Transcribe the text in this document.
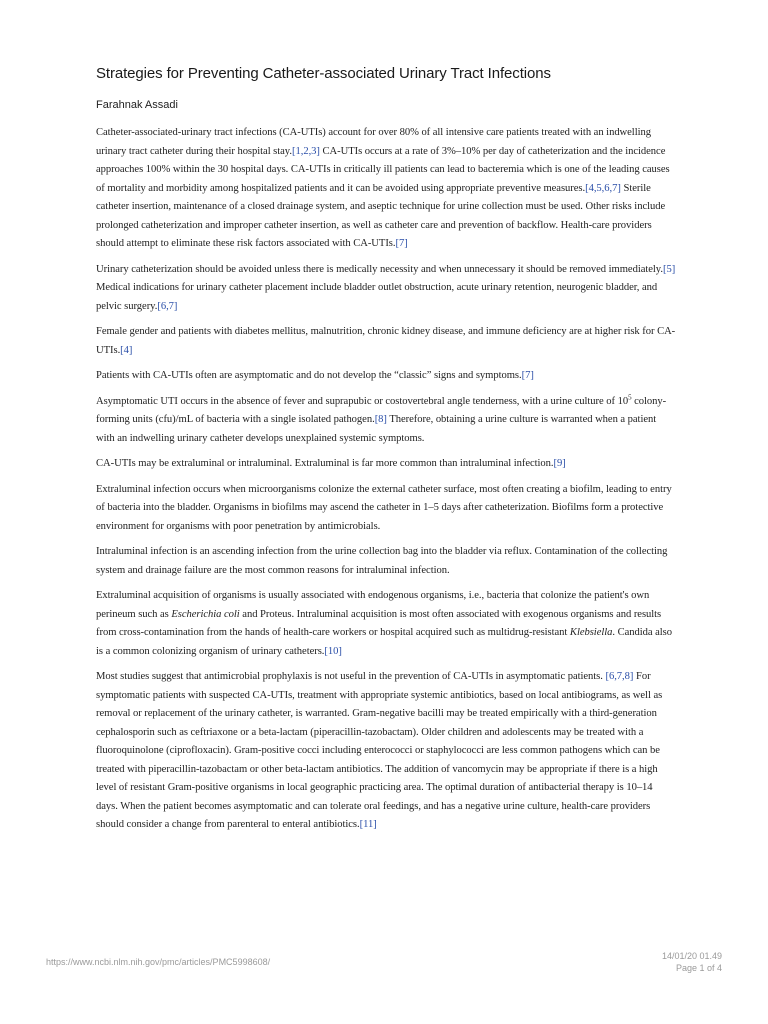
Strategies for Preventing Catheter-associated Urinary Tract Infections
Farahnak Assadi

Catheter-associated-urinary tract infections (CA-UTIs) account for over 80% of all intensive care patients treated with an indwelling urinary tract catheter during their hospital stay.[1,2,3] CA-UTIs occurs at a rate of 3%–10% per day of catheterization and the incidence approaches 100% within the 30 hospital days. CA-UTIs in critically ill patients can lead to bacteremia which is one of the leading causes of mortality and morbidity among hospitalized patients and it can be avoided using appropriate preventive measures.[4,5,6,7] Sterile catheter insertion, maintenance of a closed drainage system, and aseptic technique for urine collection must be used. Other risks include prolonged catheterization and improper catheter insertion, as well as catheter care and prevention of backflow. Health-care providers should attempt to eliminate these risk factors associated with CA-UTIs.[7]

Urinary catheterization should be avoided unless there is medically necessity and when unnecessary it should be removed immediately.[5] Medical indications for urinary catheter placement include bladder outlet obstruction, acute urinary retention, neurogenic bladder, and pelvic surgery.[6,7]

Female gender and patients with diabetes mellitus, malnutrition, chronic kidney disease, and immune deficiency are at higher risk for CA-UTIs.[4]

Patients with CA-UTIs often are asymptomatic and do not develop the “classic” signs and symptoms.[7]

Asymptomatic UTI occurs in the absence of fever and suprapubic or costovertebral angle tenderness, with a urine culture of $10^5$ colony-forming units (cfu)/mL of bacteria with a single isolated pathogen.[8] Therefore, obtaining a urine culture is warranted when a patient with an indwelling urinary catheter develops unexplained systemic symptoms.

CA-UTIs may be extraluminal or intraluminal. Extraluminal is far more common than intraluminal infection.[9]

Extraluminal infection occurs when microorganisms colonize the external catheter surface, most often creating a biofilm, leading to entry of bacteria into the bladder. Organisms in biofilms may ascend the catheter in 1–5 days after catheterization. Biofilms form a protective environment for organisms with poor penetration by antimicrobials.

Intraluminal infection is an ascending infection from the urine collection bag into the bladder via reflux. Contamination of the collecting system and drainage failure are the most common reasons for intraluminal infection.

Extraluminal acquisition of organisms is usually associated with endogenous organisms, i.e., bacteria that colonize the patient's own perineum such as Escherichia coli and Proteus. Intraluminal acquisition is most often associated with exogenous organisms and results from cross-contamination from the hands of health-care workers or hospital acquired such as multidrug-resistant Klebsiella. Candida also is a common colonizing organism of urinary catheters.[10]

Most studies suggest that antimicrobial prophylaxis is not useful in the prevention of CA-UTIs in asymptomatic patients. [6,7,8] For symptomatic patients with suspected CA-UTIs, treatment with appropriate systemic antibiotics, based on local antibiograms, as well as removal or replacement of the urinary catheter, is warranted. Gram-negative bacilli may be treated empirically with a third-generation cephalosporin such as ceftriaxone or a beta-lactam (piperacillin-tazobactam). Older children and adolescents may be treated with a fluoroquinolone (ciprofloxacin). Gram-positive cocci including enterococci or staphylococci are less common pathogens which can be treated with piperacillin-tazobactam or other beta-lactam antibiotics. The addition of vancomycin may be appropriate if there is a high level of resistant Gram-positive organisms in local geographic practicing area. The optimal duration of antibacterial therapy is 10–14 days. When the patient becomes asymptomatic and can tolerate oral feedings, and has a negative urine culture, health-care providers should consider a change from parenteral to enteral antibiotics.[11]

https://www.ncbi.nlm.nih.gov/pmc/articles/PMC5998608/
14/01/20 01.49
Page 1 of 4
